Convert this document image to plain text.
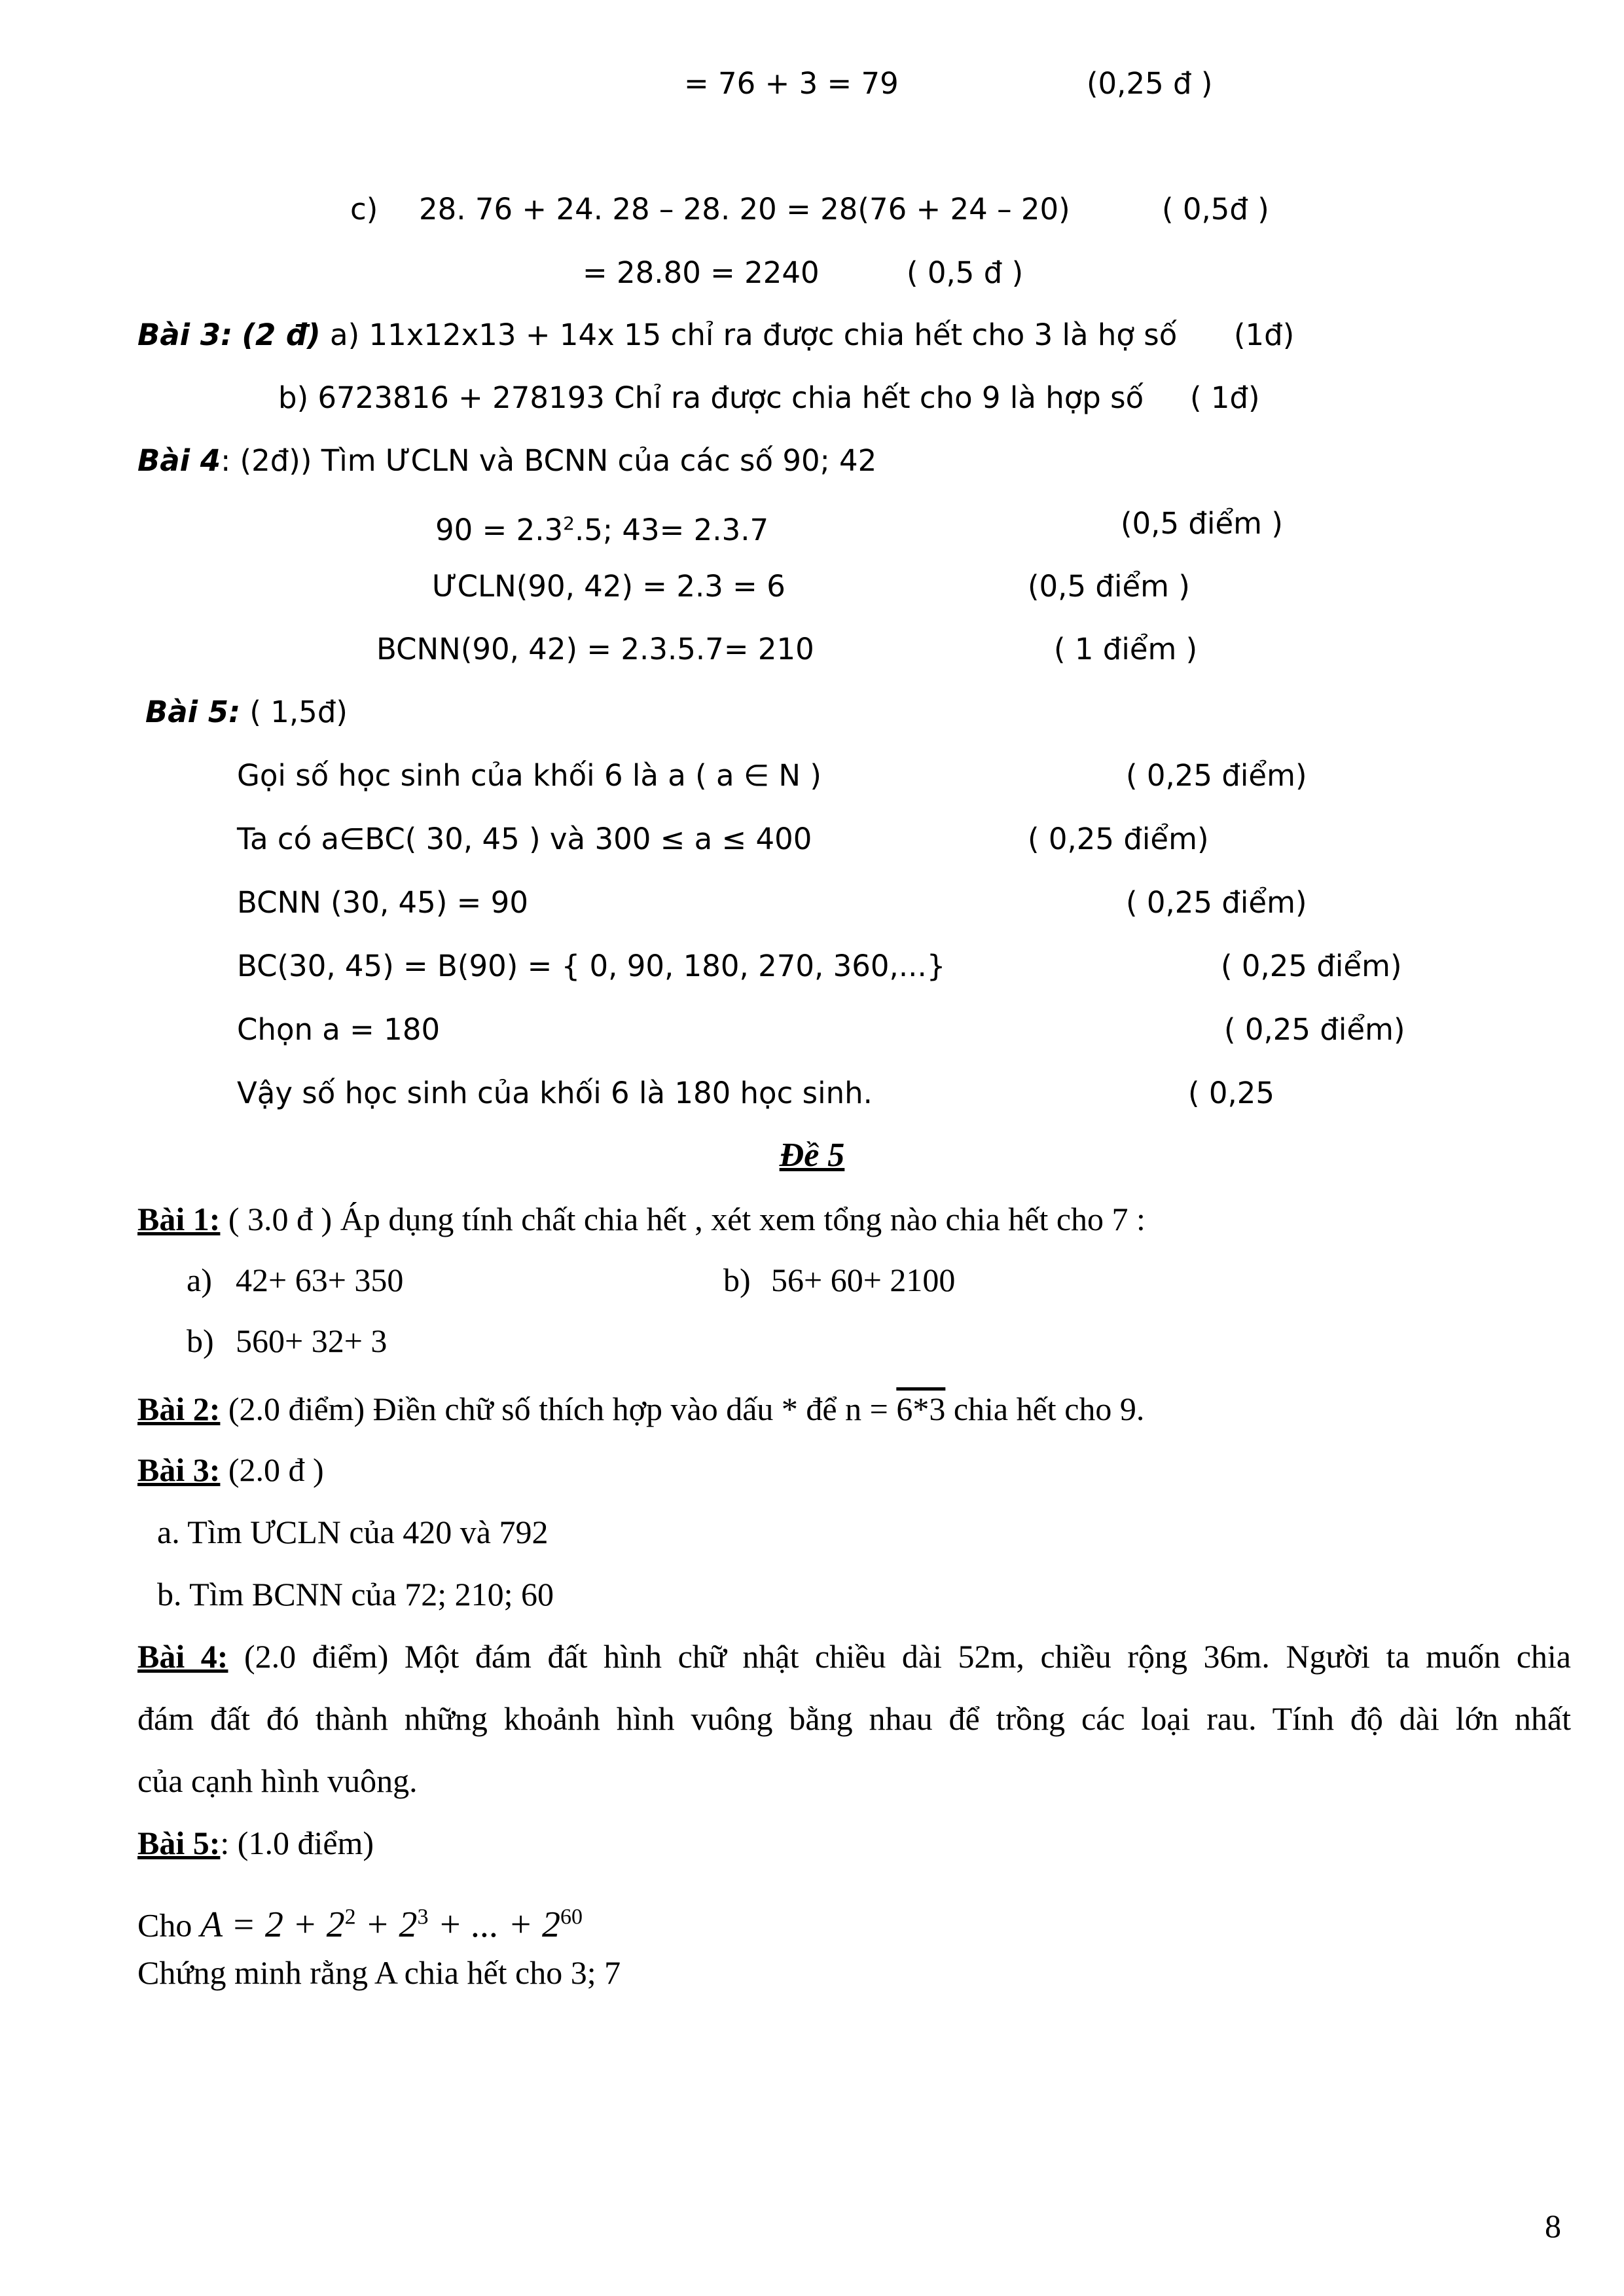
= 76 + 3 = 79	(0,25 đ )
c) 28. 76 + 24. 28 – 28. 20 = 28(76 + 24 – 20)	( 0,5đ )
= 28.80 = 2240	( 0,5 đ )
Bài 3: (2 đ) a) 11x12x13 + 14x 15 chỉ ra được chia hết cho 3 là hợ số (1đ)
b) 6723816 + 278193 Chỉ ra được chia hết cho 9 là hợp số ( 1đ)
Bài 4: (2đ)) Tìm ƯCLN và BCNN của các số 90; 42
$90 = 2.3^2.5$; 43= 2.3.7	(0,5 điểm )
ƯCLN(90, 42) = 2.3 = 6	(0,5 điểm )
BCNN(90, 42) = 2.3.5.7= 210	( 1 điểm )
Bài 5: ( 1,5đ)
Gọi số học sinh của khối 6 là a ( a ∈ N )	( 0,25 điểm)
Ta có a∈BC( 30, 45 ) và 300 ≤ a ≤ 400	( 0,25 điểm)
BCNN (30, 45) = 90	( 0,25 điểm)
BC(30, 45) = B(90) = { 0, 90, 180, 270, 360,...}	( 0,25 điểm)
Chọn a = 180	( 0,25 điểm)
Vậy số học sinh của khối 6 là 180 học sinh.	( 0,25
Đề 5
Bài 1: ( 3.0 đ ) Áp dụng tính chất chia hết , xét xem tổng nào chia hết cho 7 :
a) 42+ 63+ 350	b) 56+ 60+ 2100
b) 560+ 32+ 3
Bài 2: (2.0 điểm) Điền chữ số thích hợp vào dấu * để n = 6*3 chia hết cho 9.
Bài 3: (2.0 đ )
a. Tìm ƯCLN của 420 và 792
b. Tìm BCNN của 72; 210; 60
Bài 4: (2.0 điểm) Một đám đất hình chữ nhật chiều dài 52m, chiều rộng 36m. Người ta muốn chia
đám đất đó thành những khoảnh hình vuông bằng nhau để trồng các loại rau. Tính độ dài lớn nhất
của cạnh hình vuông.
Bài 5:: (1.0 điểm)
Cho $A = 2 + 2^2 + 2^3$ + ... + $2^{60}$
Chứng minh rằng A chia hết cho 3; 7
8
